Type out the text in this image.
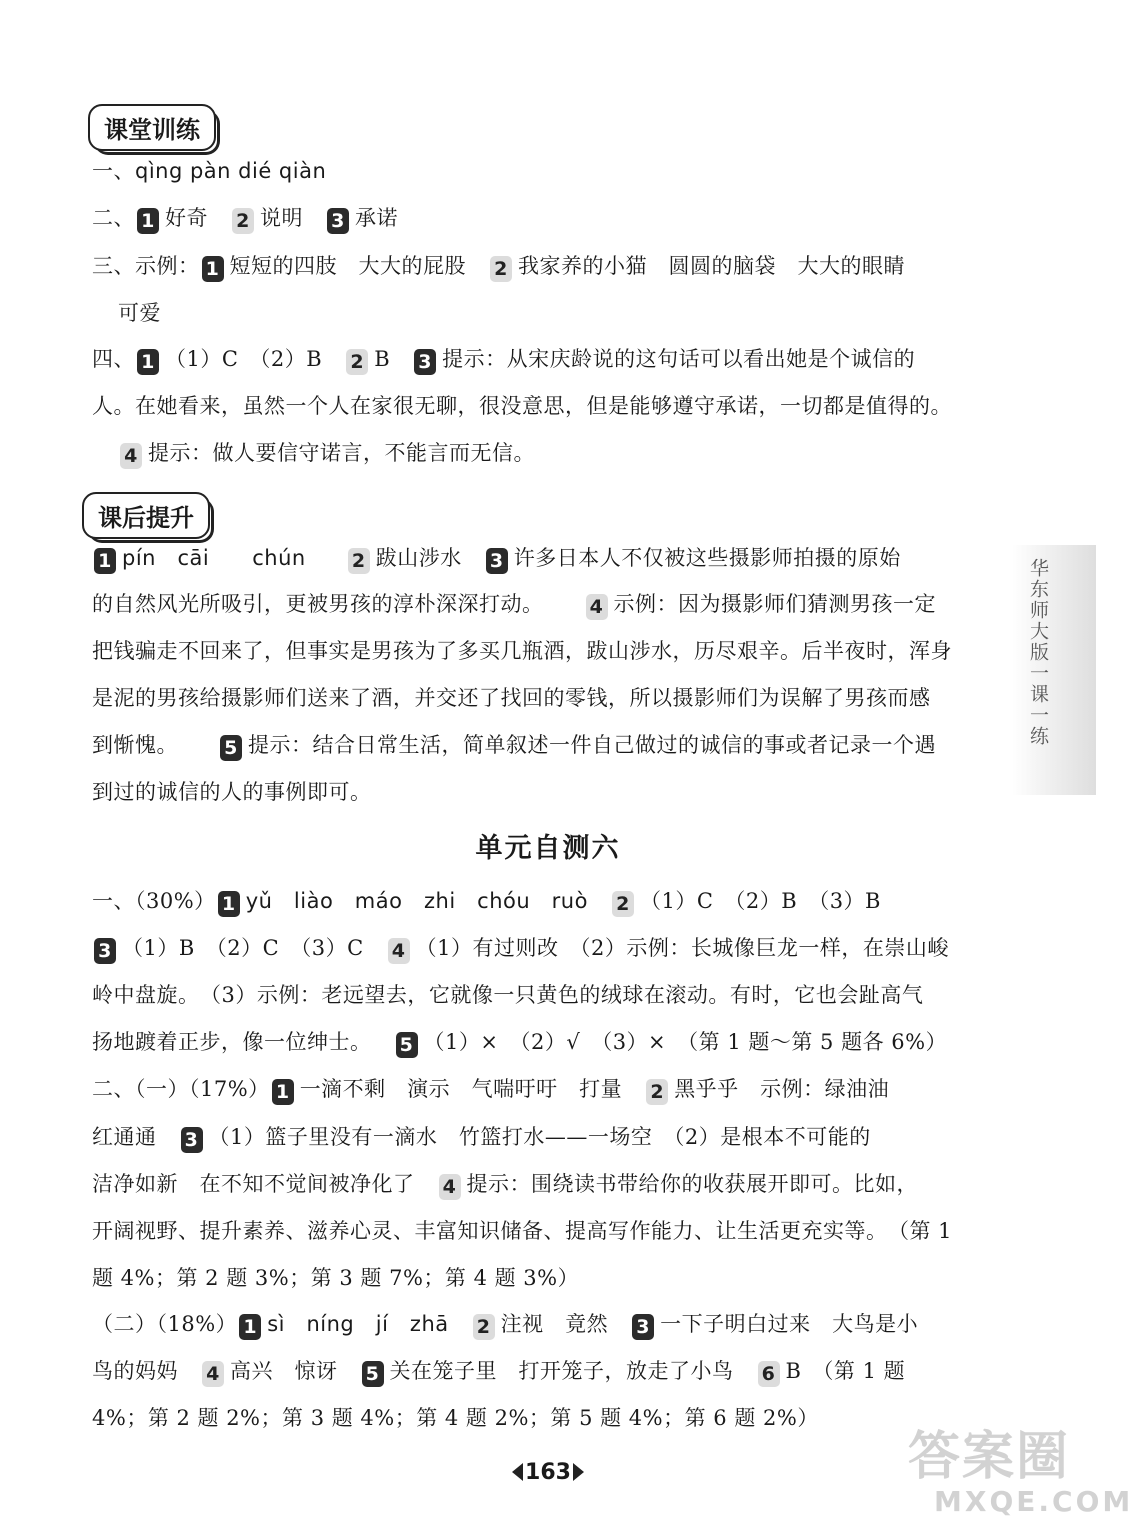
课堂训练
一、qìng pàn dié qiàn
二、 1 好奇 2 说明 3 承诺
三、示例： 1 短短的四肢　大大的屁股 2 我家养的小猫　圆圆的脑袋　大大的眼睛
可爱
四、 1 （1）C　（2）B 2 B 3 提示：从宋庆龄说的这句话可以看出她是个诚信的
人。在她看来，虽然一个人在家很无聊，很没意思，但是能够遵守承诺，一切都是值得的。
4 提示：做人要信守诺言，不能言而无信。
课后提升
1 pín　cāi　　chún 2 跋山涉水 3 许多日本人不仅被这些摄影师拍摄的原始
的自然风光所吸引，更被男孩的淳朴深深打动。 4 示例：因为摄影师们猜测男孩一定
把钱骗走不回来了，但事实是男孩为了多买几瓶酒，跋山涉水，历尽艰辛。后半夜时，浑身
是泥的男孩给摄影师们送来了酒，并交还了找回的零钱，所以摄影师们为误解了男孩而感
到惭愧。 5 提示：结合日常生活，简单叙述一件自己做过的诚信的事或者记录一个遇
到过的诚信的人的事例即可。
单元自测六
一、（30%） 1 yǔ　liào　máo　zhi　chóu　ruò 2 （1）C　（2）B　（3）B
3 （1）B　（2）C　（3）C 4 （1）有过则改　（2）示例：长城像巨龙一样，在崇山峻
岭中盘旋。　（3）示例：老远望去，它就像一只黄色的绒球在滚动。有时，它也会趾高气
扬地踱着正步，像一位绅士。 5 （1）×　（2）√　（3）×　（第 1 题～第 5 题各 6%）
二、（一）（17%） 1 一滴不剩　演示　气喘吁吁　打量 2 黑乎乎　示例：绿油油
红通通 3 （1）篮子里没有一滴水　竹篮打水——一场空　（2）是根本不可能的
洁净如新　在不知不觉间被净化了 4 提示：围绕读书带给你的收获展开即可。比如，
开阔视野、提升素养、滋养心灵、丰富知识储备、提高写作能力、让生活更充实等。　（第 1
题 4%；第 2 题 3%；第 3 题 7%；第 4 题 3%）
（二）（18%） 1 sì　níng　jí　zhā 2 注视　竟然 3 一下子明白过来　大鸟是小
鸟的妈妈 4 高兴　惊讶 5 关在笼子里　打开笼子，放走了小鸟 6 B　（第 1 题
4%；第 2 题 2%；第 3 题 4%；第 4 题 2%；第 5 题 4%；第 6 题 2%）
163
华东师大版一课一练
答案圈
MXQE.COM
